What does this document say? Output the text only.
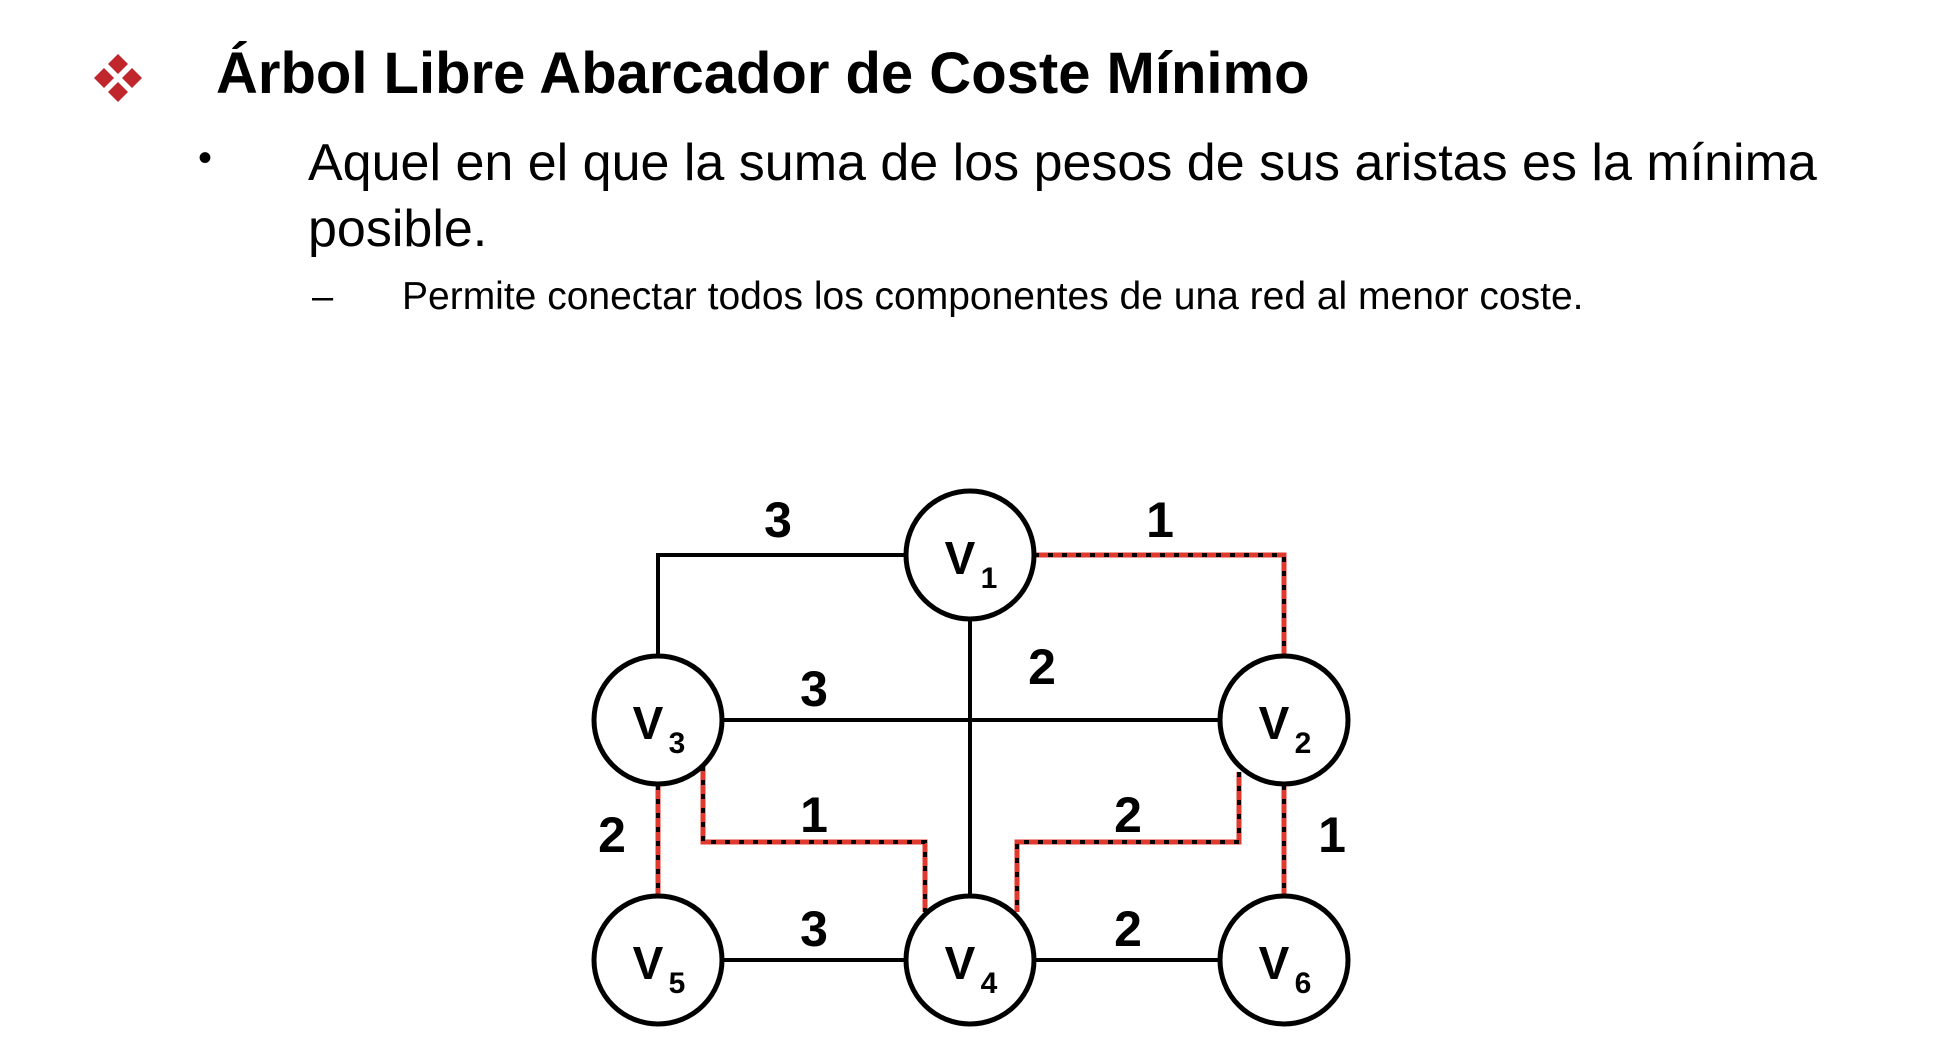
Árbol Libre Abarcador de Coste Mínimo
• Aquel en el que la suma de los pesos de sus aristas es la mínima posible.
– Permite conectar todos los componentes de una red al menor coste.
3	1
2
3
2	1	2	1
3	2
V 1
V 2
V 3
V 4
V 5	V 6
